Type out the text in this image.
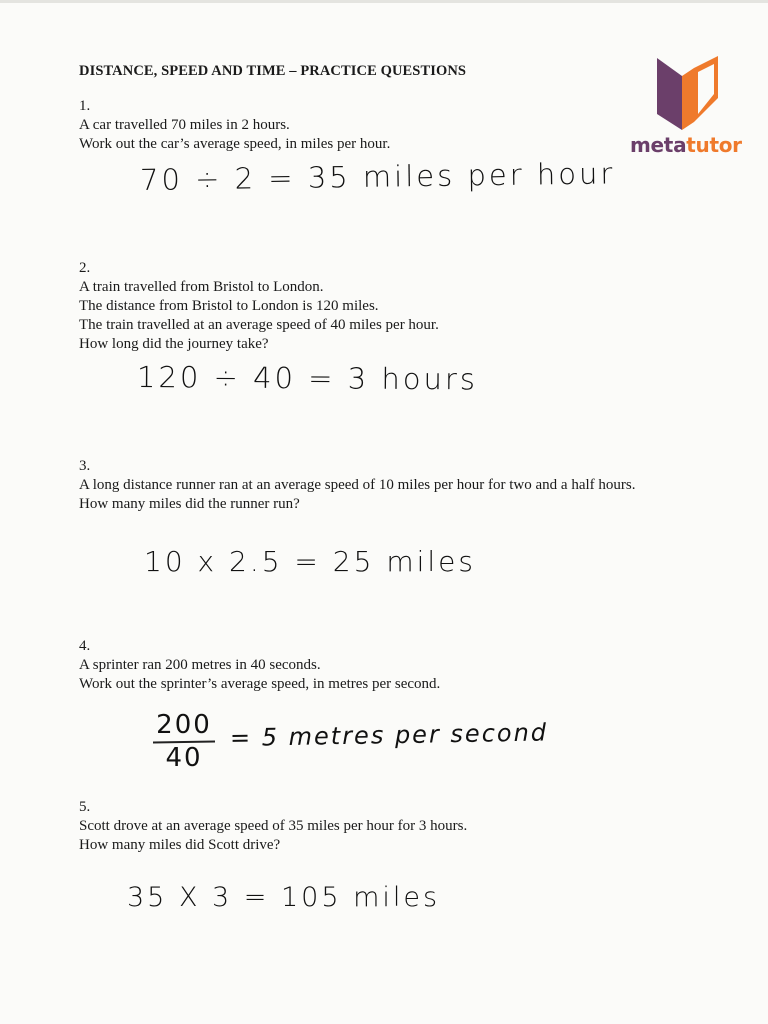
DISTANCE, SPEED AND TIME – PRACTICE QUESTIONS
metatutor
1.
A car travelled 70 miles in 2 hours.
Work out the car’s average speed, in miles per hour.
70 ÷ 2 = 35 miles per hour
2.
A train travelled from Bristol to London.
The distance from Bristol to London is 120 miles.
The train travelled at an average speed of 40 miles per hour.
How long did the journey take?
120 ÷ 40 = 3 hours
3.
A long distance runner ran at an average speed of 10 miles per hour for two and a half hours.
How many miles did the runner run?
10 x 2.5 = 25 miles
4.
A sprinter ran 200 metres in 40 seconds.
Work out the sprinter’s average speed, in metres per second.
200
40
= 5 metres per second
5.
Scott drove at an average speed of 35 miles per hour for 3 hours.
How many miles did Scott drive?
35 X 3 = 105 miles
